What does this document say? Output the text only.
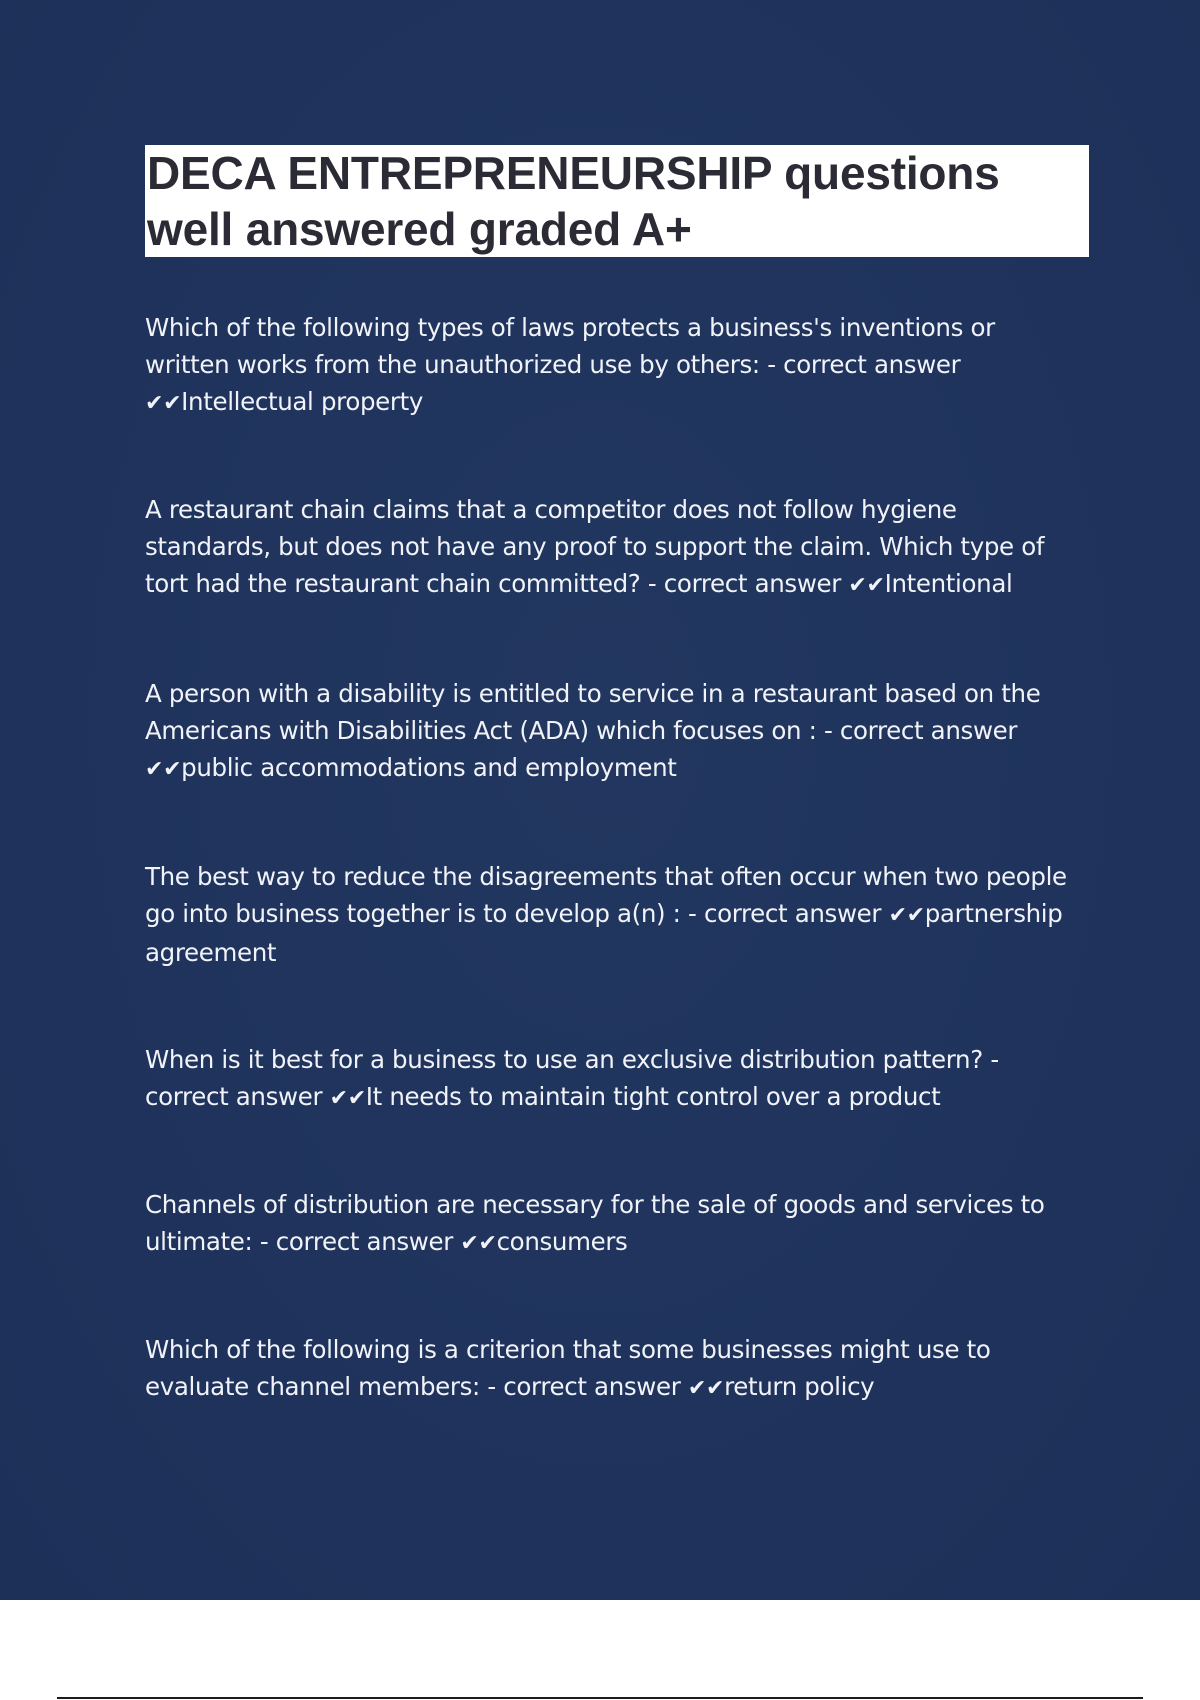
DECA ENTREPRENEURSHIP questions well answered graded A+

Which of the following types of laws protects a business's inventions or written works from the unauthorized use by others: - correct answer ✔✔Intellectual property

A restaurant chain claims that a competitor does not follow hygiene standards, but does not have any proof to support the claim. Which type of tort had the restaurant chain committed? - correct answer ✔✔Intentional

A person with a disability is entitled to service in a restaurant based on the Americans with Disabilities Act (ADA) which focuses on : - correct answer ✔✔public accommodations and employment

The best way to reduce the disagreements that often occur when two people go into business together is to develop a(n) : - correct answer ✔✔partnership agreement

When is it best for a business to use an exclusive distribution pattern? - correct answer ✔✔It needs to maintain tight control over a product

Channels of distribution are necessary for the sale of goods and services to ultimate: - correct answer ✔✔consumers

Which of the following is a criterion that some businesses might use to evaluate channel members: - correct answer ✔✔return policy
